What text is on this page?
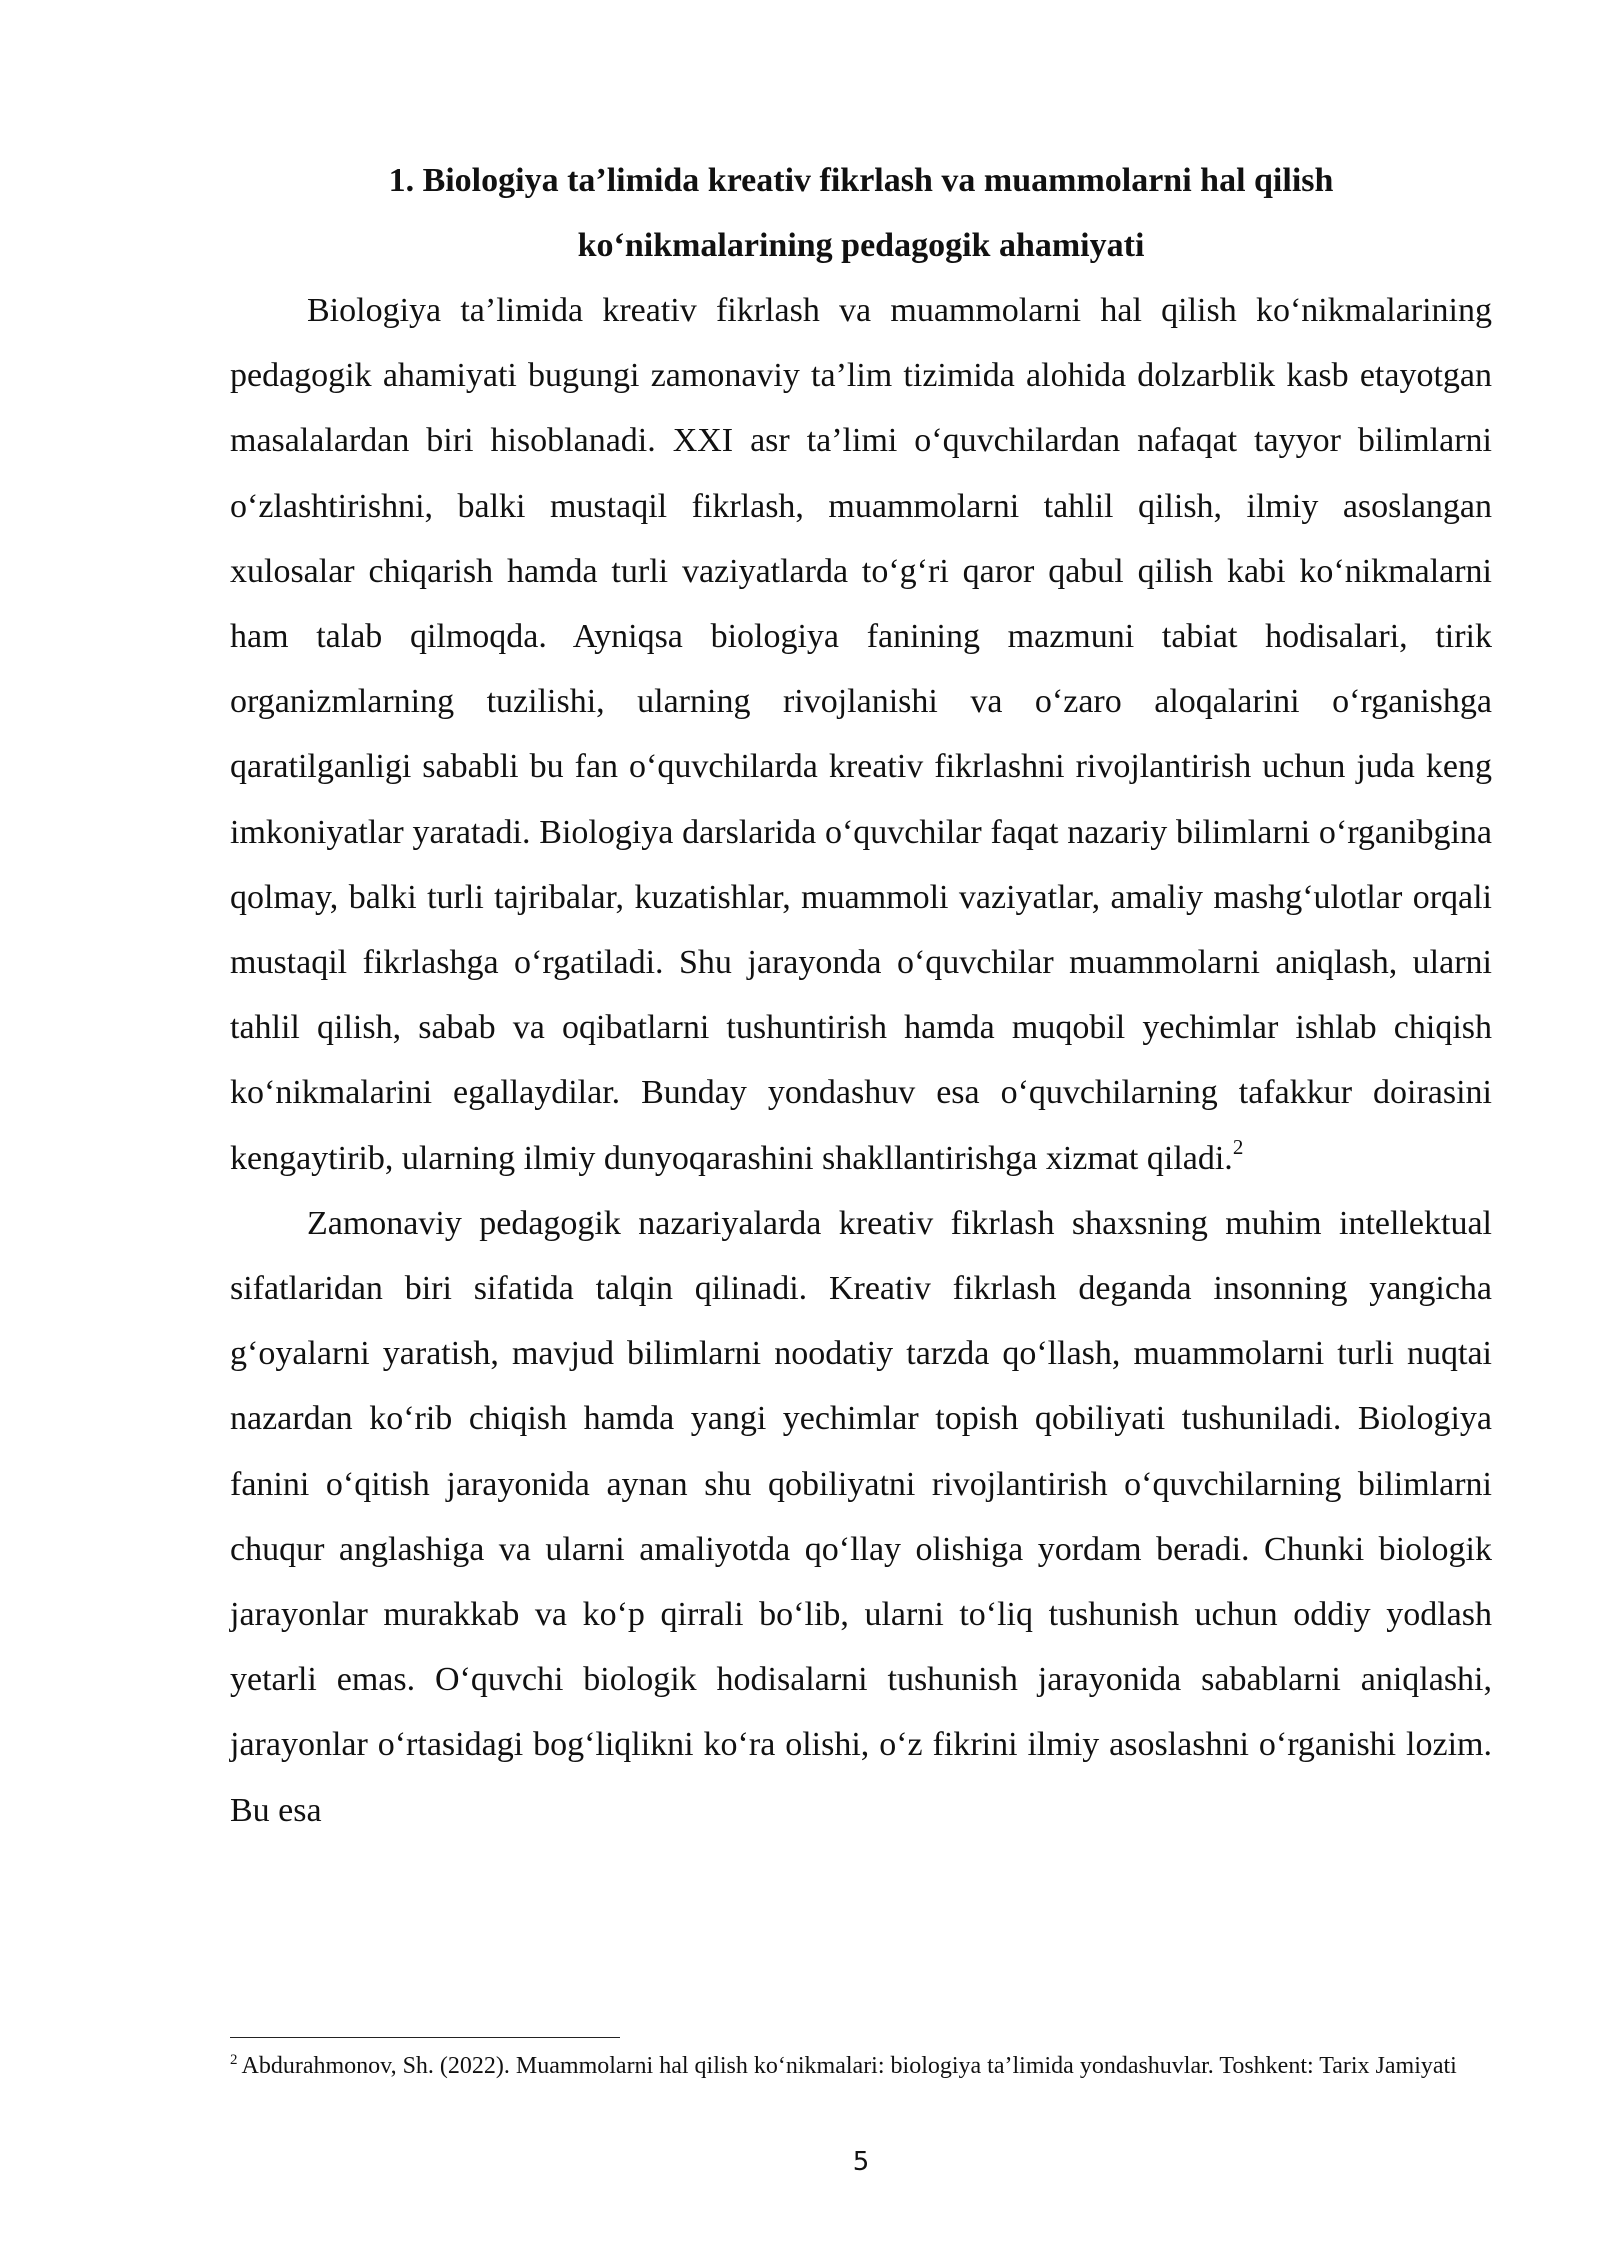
1. Biologiya ta’limida kreativ fikrlash va muammolarni hal qilish
ko‘nikmalarining pedagogik ahamiyati

Biologiya ta’limida kreativ fikrlash va muammolarni hal qilish ko‘nikmalarining pedagogik ahamiyati bugungi zamonaviy ta’lim tizimida alohida dolzarblik kasb etayotgan masalalardan biri hisoblanadi. XXI asr ta’limi o‘quvchilardan nafaqat tayyor bilimlarni o‘zlashtirishni, balki mustaqil fikrlash, muammolarni tahlil qilish, ilmiy asoslangan xulosalar chiqarish hamda turli vaziyatlarda to‘g‘ri qaror qabul qilish kabi ko‘nikmalarni ham talab qilmoqda. Ayniqsa biologiya fanining mazmuni tabiat hodisalari, tirik organizmlarning tuzilishi, ularning rivojlanishi va o‘zaro aloqalarini o‘rganishga qaratilganligi sababli bu fan o‘quvchilarda kreativ fikrlashni rivojlantirish uchun juda keng imkoniyatlar yaratadi. Biologiya darslarida o‘quvchilar faqat nazariy bilimlarni o‘rganibgina qolmay, balki turli tajribalar, kuzatishlar, muammoli vaziyatlar, amaliy mashg‘ulotlar orqali mustaqil fikrlashga o‘rgatiladi. Shu jarayonda o‘quvchilar muammolarni aniqlash, ularni tahlil qilish, sabab va oqibatlarni tushuntirish hamda muqobil yechimlar ishlab chiqish ko‘nikmalarini egallaydilar. Bunday yondashuv esa o‘quvchilarning tafakkur doirasini kengaytirib, ularning ilmiy dunyoqarashini shakllantirishga xizmat qiladi.$^2$

Zamonaviy pedagogik nazariyalarda kreativ fikrlash shaxsning muhim intellektual sifatlaridan biri sifatida talqin qilinadi. Kreativ fikrlash deganda insonning yangicha g‘oyalarni yaratish, mavjud bilimlarni noodatiy tarzda qo‘llash, muammolarni turli nuqtai nazardan ko‘rib chiqish hamda yangi yechimlar topish qobiliyati tushuniladi. Biologiya fanini o‘qitish jarayonida aynan shu qobiliyatni rivojlantirish o‘quvchilarning bilimlarni chuqur anglashiga va ularni amaliyotda qo‘llay olishiga yordam beradi. Chunki biologik jarayonlar murakkab va ko‘p qirrali bo‘lib, ularni to‘liq tushunish uchun oddiy yodlash yetarli emas. O‘quvchi biologik hodisalarni tushunish jarayonida sabablarni aniqlashi, jarayonlar o‘rtasidagi bog‘liqlikni ko‘ra olishi, o‘z fikrini ilmiy asoslashni o‘rganishi lozim. Bu esa

$^2$ Abdurahmonov, Sh. (2022). Muammolarni hal qilish ko‘nikmalari: biologiya ta’limida yondashuvlar. Toshkent: Tarix Jamiyati

5
